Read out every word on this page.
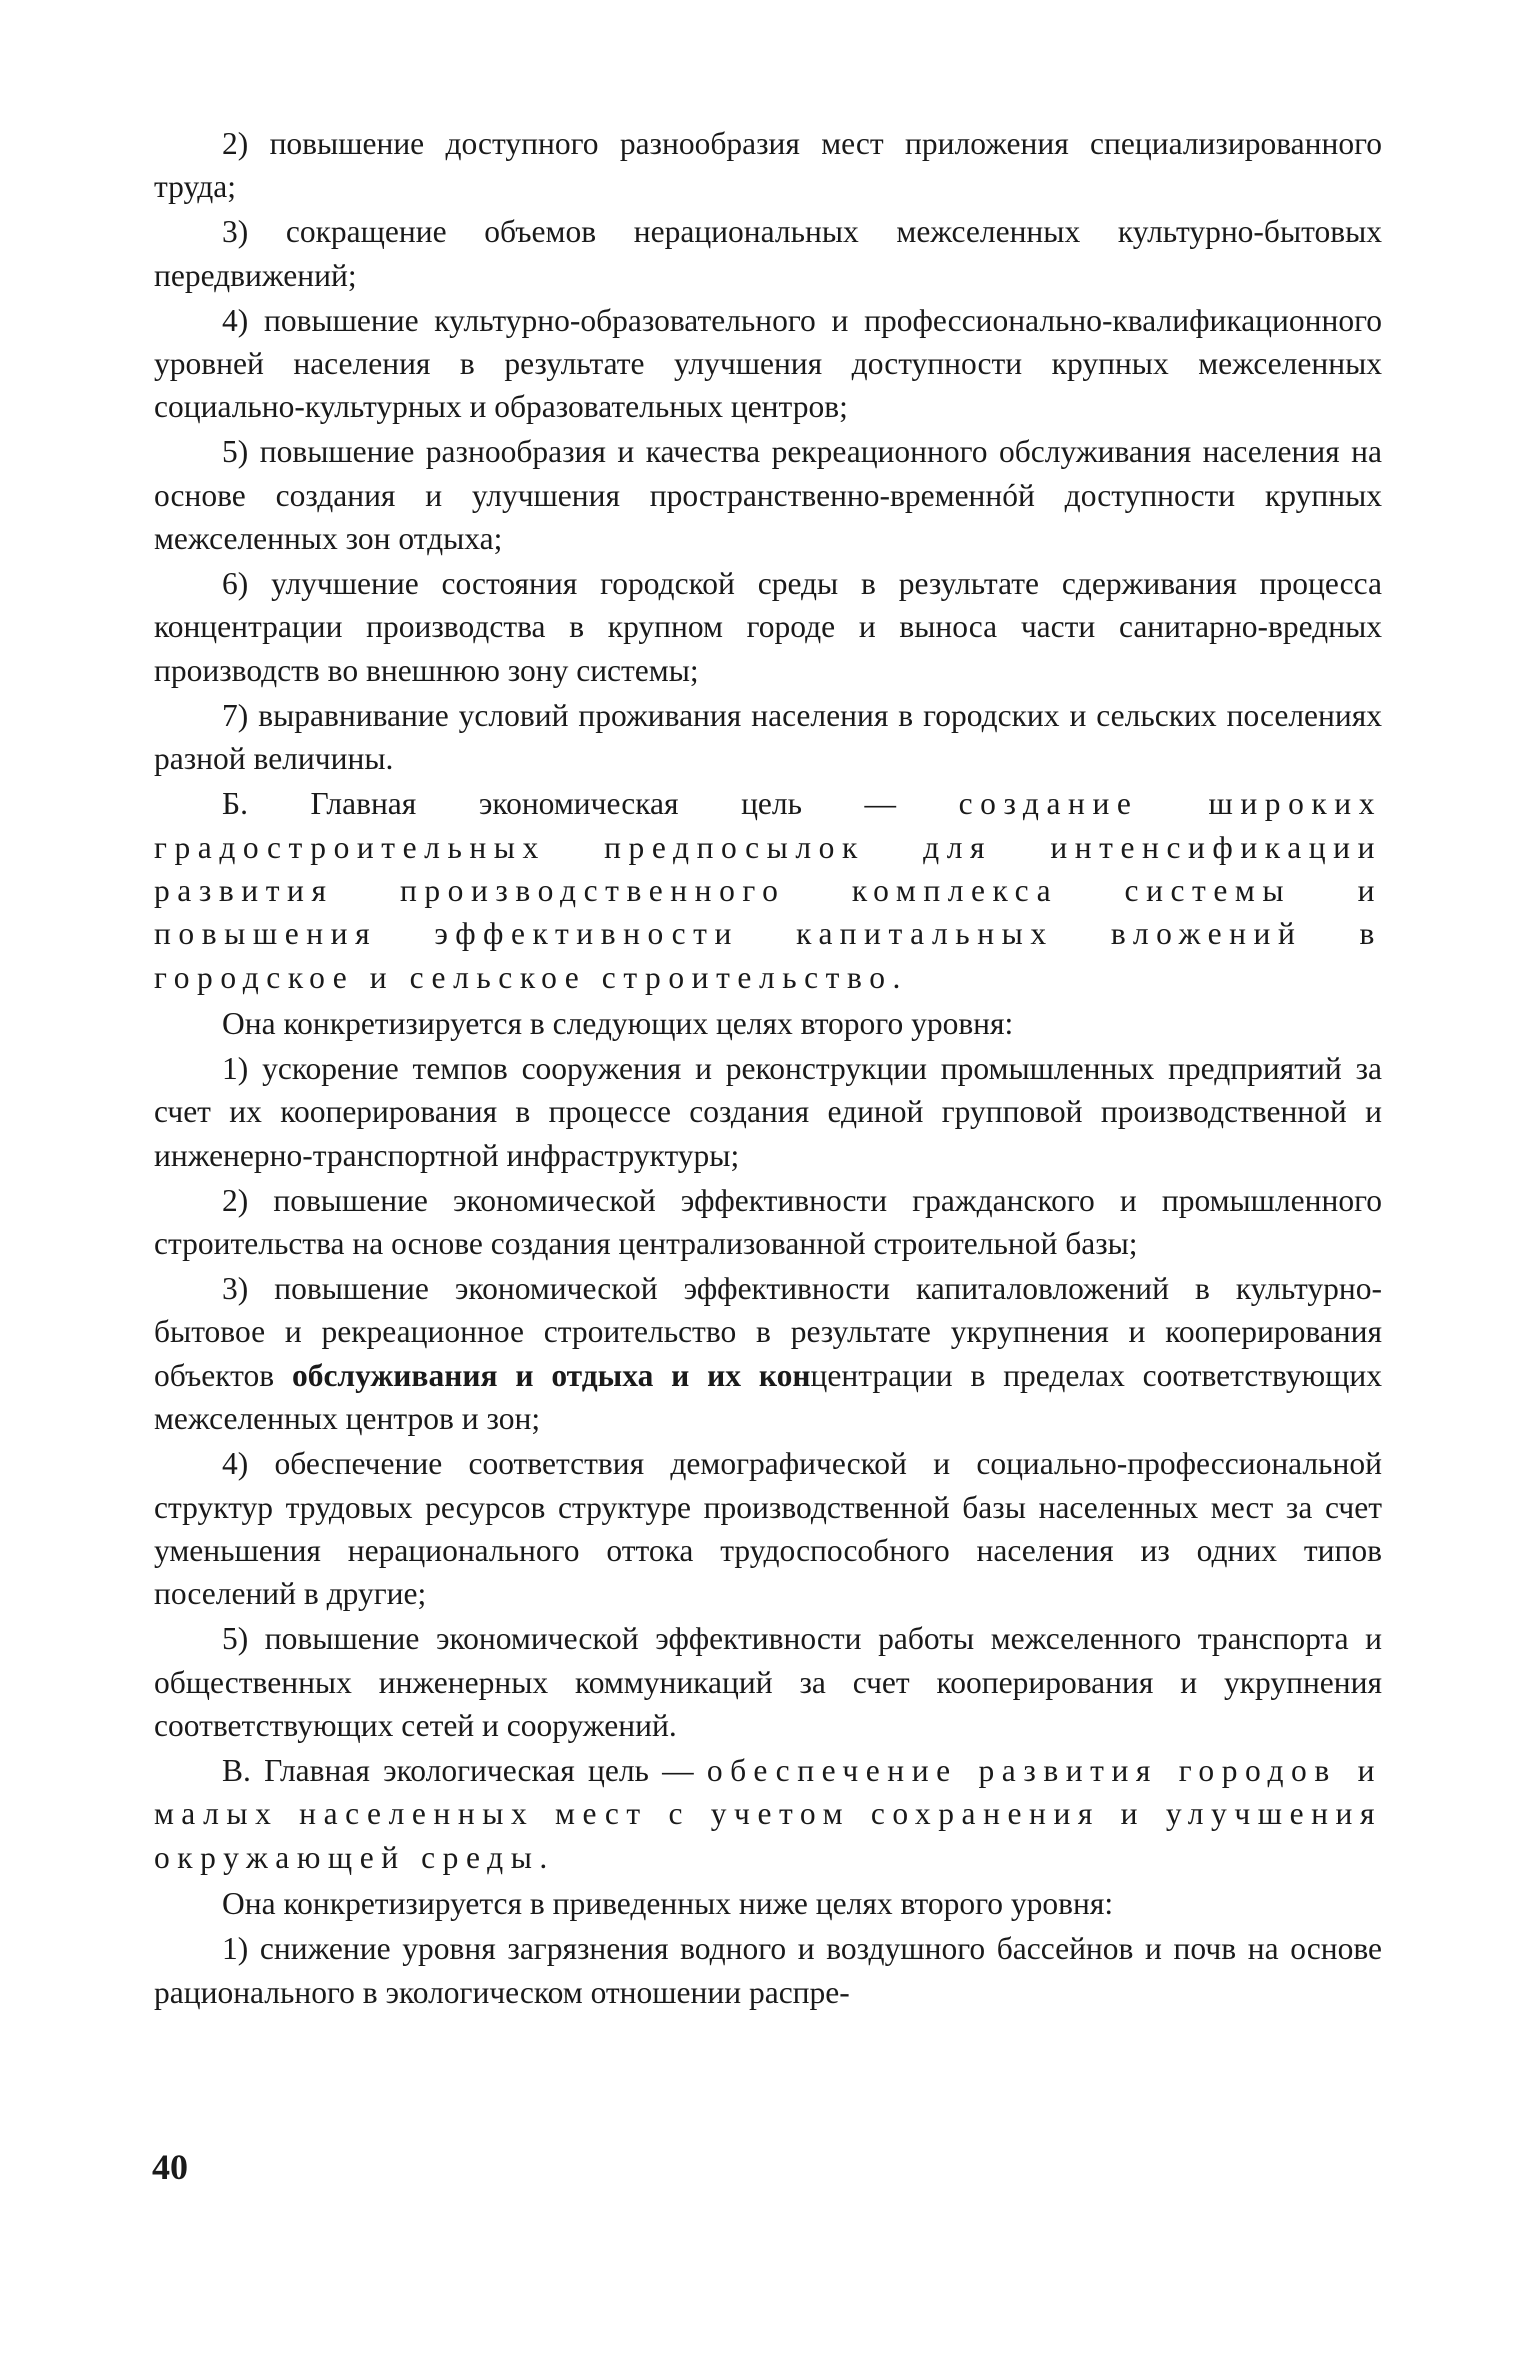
2) повышение доступного разнообразия мест приложения специализированного труда;

3) сокращение объемов нерациональных межселенных культурно-бытовых передвижений;

4) повышение культурно-образовательного и профессионально-квалификационного уровней населения в результате улучшения доступности крупных межселенных социально-культурных и образовательных центров;

5) повышение разнообразия и качества рекреационного обслуживания населения на основе создания и улучшения пространственно-временнóй доступности крупных межселенных зон отдыха;

6) улучшение состояния городской среды в результате сдерживания процесса концентрации производства в крупном городе и выноса части санитарно-вредных производств во внешнюю зону системы;

7) выравнивание условий проживания населения в городских и сельских поселениях разной величины.

Б. Главная экономическая цель — создание широких градостроительных предпосылок для интенсификации развития производственного комплекса системы и повышения эффективности капитальных вложений в городское и сельское строительство.

Она конкретизируется в следующих целях второго уровня:

1) ускорение темпов сооружения и реконструкции промышленных предприятий за счет их кооперирования в процессе создания единой групповой производственной и инженерно-транспортной инфраструктуры;

2) повышение экономической эффективности гражданского и промышленного строительства на основе создания централизованной строительной базы;

3) повышение экономической эффективности капиталовложений в культурно-бытовое и рекреационное строительство в результате укрупнения и кооперирования объектов обслуживания и отдыха и их концентрации в пределах соответствующих межселенных центров и зон;

4) обеспечение соответствия демографической и социально-профессиональной структур трудовых ресурсов структуре производственной базы населенных мест за счет уменьшения нерационального оттока трудоспособного населения из одних типов поселений в другие;

5) повышение экономической эффективности работы межселенного транспорта и общественных инженерных коммуникаций за счет кооперирования и укрупнения соответствующих сетей и сооружений.

В. Главная экологическая цель — обеспечение развития городов и малых населенных мест с учетом сохранения и улучшения окружающей среды.

Она конкретизируется в приведенных ниже целях второго уровня:

1) снижение уровня загрязнения водного и воздушного бассейнов и почв на основе рационального в экологическом отношении распре-

40
